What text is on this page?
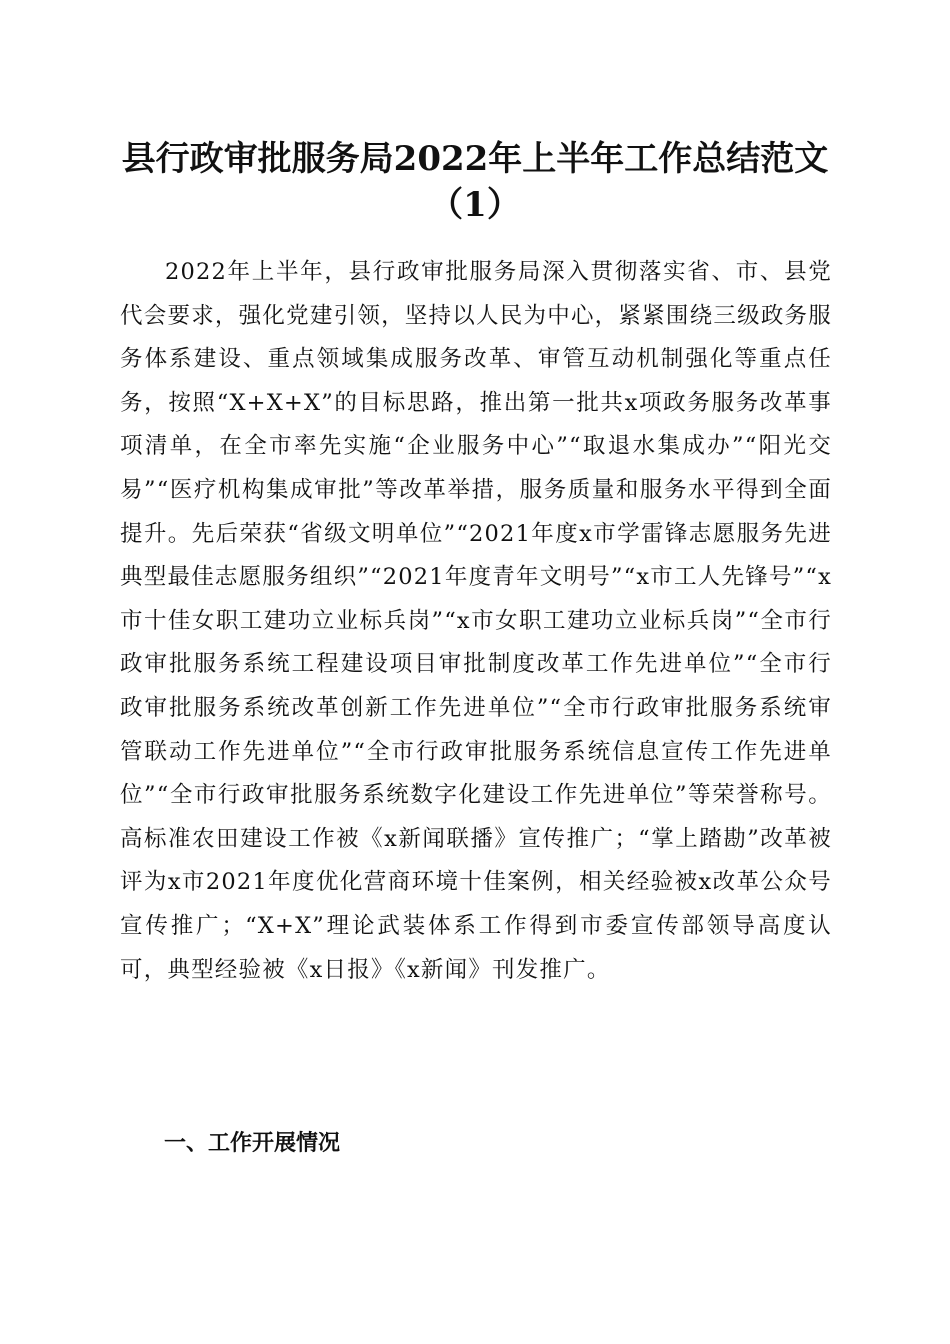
县行政审批服务局2022年上半年工作总结范文（1）

2022年上半年，县行政审批服务局深入贯彻落实省、市、县党代会要求，强化党建引领，坚持以人民为中心，紧紧围绕三级政务服务体系建设、重点领域集成服务改革、审管互动机制强化等重点任务，按照“X+X+X”的目标思路，推出第一批共x项政务服务改革事项清单，在全市率先实施“企业服务中心”“取退水集成办”“阳光交易”“医疗机构集成审批”等改革举措，服务质量和服务水平得到全面提升。先后荣获“省级文明单位”“2021年度x市学雷锋志愿服务先进典型最佳志愿服务组织”“2021年度青年文明号”“x市工人先锋号”“x市十佳女职工建功立业标兵岗”“x市女职工建功立业标兵岗”“全市行政审批服务系统工程建设项目审批制度改革工作先进单位”“全市行政审批服务系统改革创新工作先进单位”“全市行政审批服务系统审管联动工作先进单位”“全市行政审批服务系统信息宣传工作先进单位”“全市行政审批服务系统数字化建设工作先进单位”等荣誉称号。高标准农田建设工作被《x新闻联播》宣传推广；“掌上踏勘”改革被评为x市2021年度优化营商环境十佳案例，相关经验被x改革公众号宣传推广；“X+X”理论武装体系工作得到市委宣传部领导高度认可，典型经验被《x日报》《x新闻》刊发推广。

一、工作开展情况
